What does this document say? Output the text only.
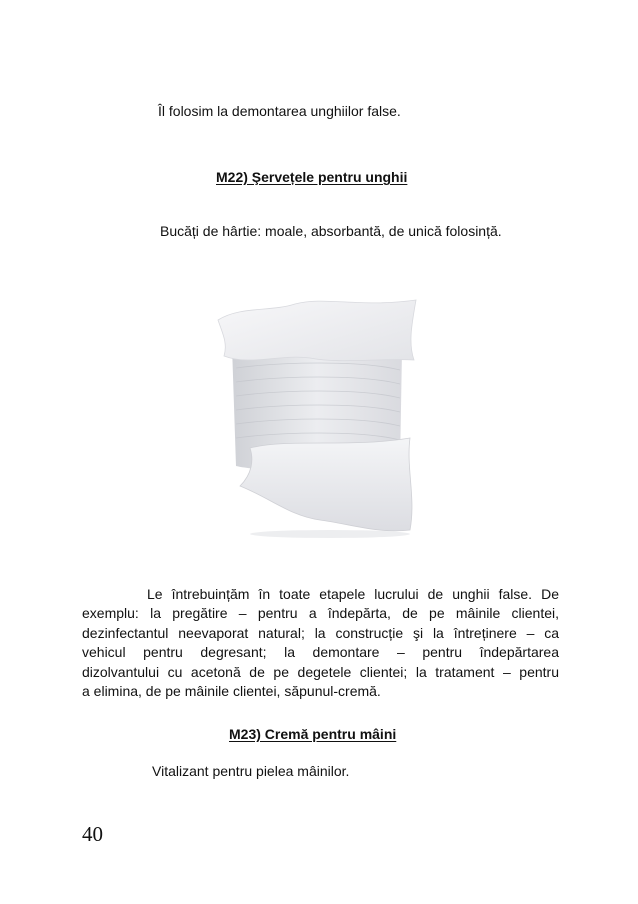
Îl folosim la demontarea unghiilor false.
M22) Şervețele pentru unghii
Bucăți de hârtie: moale, absorbantă, de unică folosință.
Le întrebuințăm în toate etapele lucrului de unghii false. De
exemplu: la pregătire – pentru a îndepărta, de pe mâinile clientei,
dezinfectantul neevaporat natural; la construcție şi la întreținere – ca
vehicul pentru degresant; la demontare – pentru îndepărtarea
dizolvantului cu acetonă de pe degetele clientei; la tratament – pentru
a elimina, de pe mâinile clientei, săpunul-cremă.
M23) Cremă pentru mâini
Vitalizant pentru pielea mâinilor.
40
